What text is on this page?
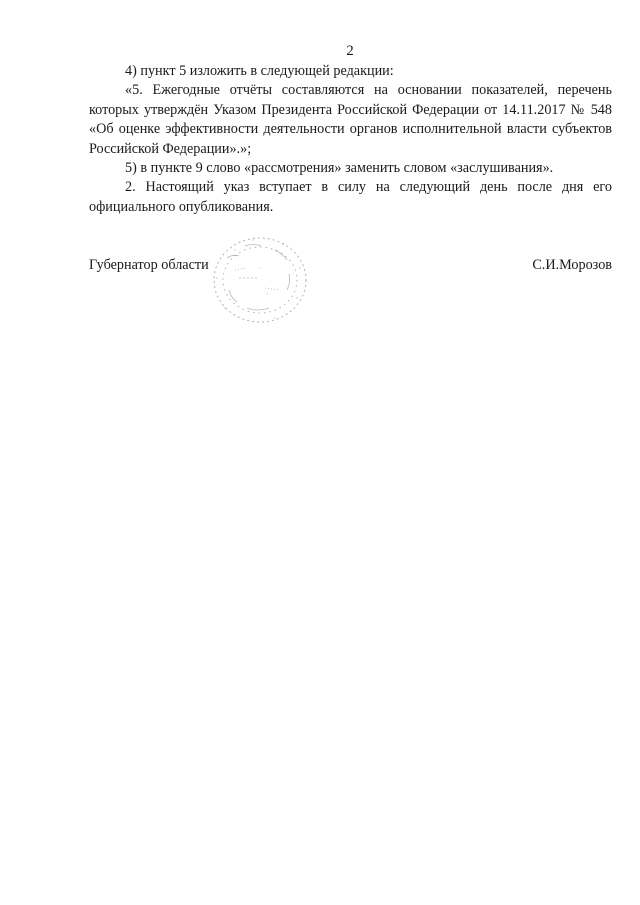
2

4) пункт 5 изложить в следующей редакции:

«5. Ежегодные отчёты составляются на основании показателей, перечень которых утверждён Указом Президента Российской Федерации от 14.11.2017 № 548 «Об оценке эффективности деятельности органов исполнительной власти субъектов Российской Федерации».»;

5) в пункте 9 слово «рассмотрения» заменить словом «заслушивания».

2. Настоящий указ вступает в силу на следующий день после дня его официального опубликования.

Губернатор области	С.И.Морозов
